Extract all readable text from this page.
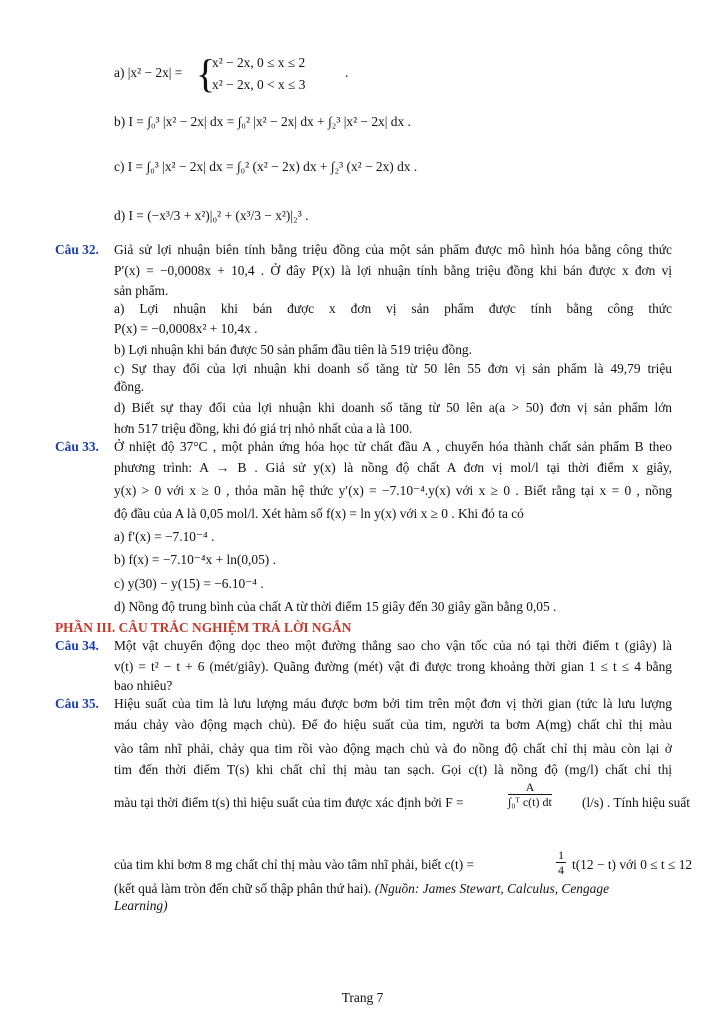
a) |x² − 2x| = {
x² − 2x, 0 ≤ x ≤ 2
x² − 2x, 0 < x ≤ 3
.
b) I = ∫₀³ |x² − 2x| dx = ∫₀² |x² − 2x| dx + ∫₂³ |x² − 2x| dx .
c) I = ∫₀³ |x² − 2x| dx = ∫₀² (x² − 2x) dx + ∫₂³ (x² − 2x) dx .
d) I = (−x³/3 + x²)|₀² + (x³/3 − x²)|₂³ .
Câu 32. Giả sử lợi nhuận biên tính bằng triệu đồng của một sản phẩm được mô hình hóa bằng công thức
P′(x) = −0,0008x + 10,4 . Ở đây P(x) là lợi nhuận tính bằng triệu đồng khi bán được x đơn vị
sản phẩm.
a) Lợi nhuận khi bán được x đơn vị sản phẩm được tính bằng công thức
P(x) = −0,0008x² + 10,4x .
b) Lợi nhuận khi bán được 50 sản phẩm đầu tiên là 519 triệu đồng.
c) Sự thay đổi của lợi nhuận khi doanh số tăng từ 50 lên 55 đơn vị sản phẩm là 49,79 triệu
đồng.
d) Biết sự thay đổi của lợi nhuận khi doanh số tăng từ 50 lên a(a > 50) đơn vị sản phẩm lớn
hơn 517 triệu đồng, khi đó giá trị nhỏ nhất của a là 100.
Câu 33. Ở nhiệt độ 37°C , một phản ứng hóa học từ chất đầu A , chuyển hóa thành chất sản phẩm B theo
phương trình: A → B . Giả sử y(x) là nồng độ chất A đơn vị mol/l tại thời điểm x giây,
y(x) > 0 với x ≥ 0 , thỏa mãn hệ thức y′(x) = −7.10⁻⁴.y(x) với x ≥ 0 . Biết rằng tại x = 0 , nồng
độ đầu của A là 0,05 mol/l. Xét hàm số f(x) = ln y(x) với x ≥ 0 . Khi đó ta có
a) f′(x) = −7.10⁻⁴ .
b) f(x) = −7.10⁻⁴x + ln(0,05) .
c) y(30) − y(15) = −6.10⁻⁴ .
d) Nồng độ trung bình của chất A từ thời điểm 15 giây đến 30 giây gần bằng 0,05 .
PHẦN III. CÂU TRẮC NGHIỆM TRẢ LỜI NGẮN
Câu 34. Một vật chuyển động dọc theo một đường thẳng sao cho vận tốc của nó tại thời điểm t (giây) là
v(t) = t² − t + 6 (mét/giây). Quãng đường (mét) vật đi được trong khoảng thời gian 1 ≤ t ≤ 4 bằng
bao nhiêu?
Câu 35. Hiệu suất của tim là lưu lượng máu được bơm bởi tim trên một đơn vị thời gian (tức là lưu lượng
máu chảy vào động mạch chủ). Để đo hiệu suất của tim, người ta bơm A(mg) chất chỉ thị màu
vào tâm nhĩ phải, chảy qua tim rồi vào động mạch chủ và đo nồng độ chất chỉ thị màu còn lại ở
tim đến thời điểm T(s) khi chất chỉ thị màu tan sạch. Gọi c(t) là nồng độ (mg/l) chất chỉ thị
màu tại thời điểm t(s) thì hiệu suất của tim được xác định bởi F =	$\frac{A}{\text{∫₀ᵀ c(t) dt}} (l/s)$ . Tính hiệu suất
của tim khi bơm 8 mg chất chỉ thị màu vào tâm nhĩ phải, biết c(t) =	$\frac{1}{4} t(12 - t)$ với 0 ≤ t ≤ 12
(kết quả làm tròn đến chữ số thập phân thứ hai). (Nguồn: James Stewart, Calculus, Cengage
Learning)
Trang 7
